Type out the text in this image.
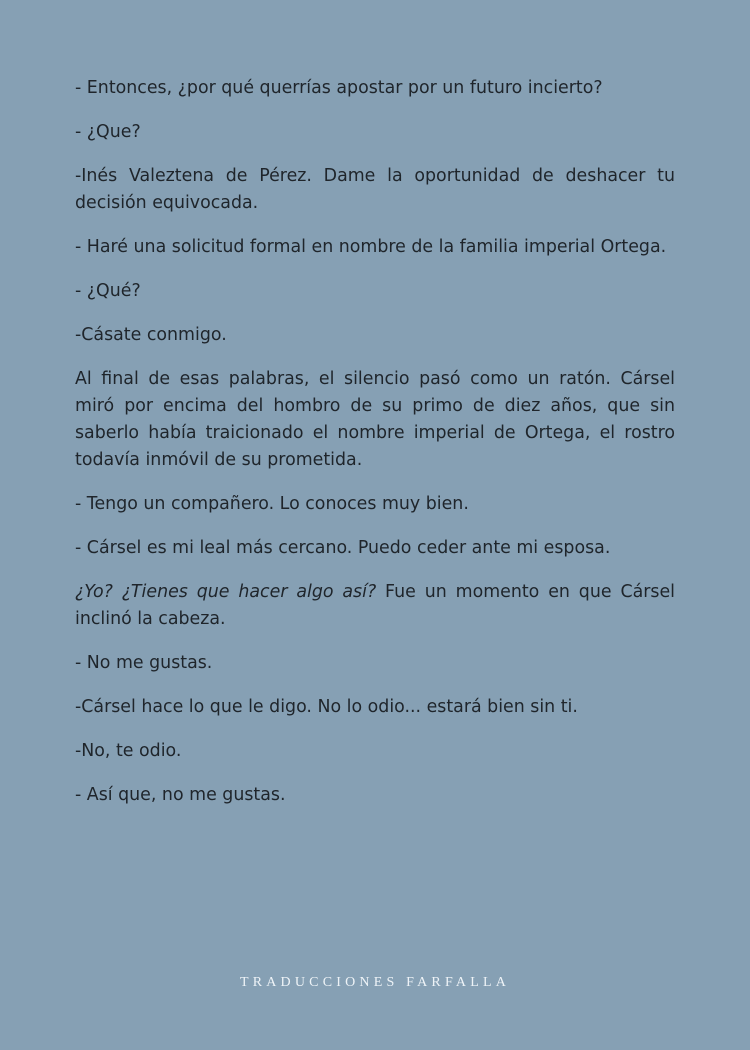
- Entonces, ¿por qué querrías apostar por un futuro incierto?

- ¿Que?

-Inés Valeztena de Pérez. Dame la oportunidad de deshacer tu decisión equivocada.

- Haré una solicitud formal en nombre de la familia imperial Ortega.

- ¿Qué?

-Cásate conmigo.

Al final de esas palabras, el silencio pasó como un ratón. Cársel miró por encima del hombro de su primo de diez años, que sin saberlo había traicionado el nombre imperial de Ortega, el rostro todavía inmóvil de su prometida.

- Tengo un compañero. Lo conoces muy bien.

- Cársel es mi leal más cercano. Puedo ceder ante mi esposa.

¿Yo? ¿Tienes que hacer algo así? Fue un momento en que Cársel inclinó la cabeza.

- No me gustas.

-Cársel hace lo que le digo. No lo odio... estará bien sin ti.

-No, te odio.

- Así que, no me gustas.

TRADUCCIONES FARFALLA
